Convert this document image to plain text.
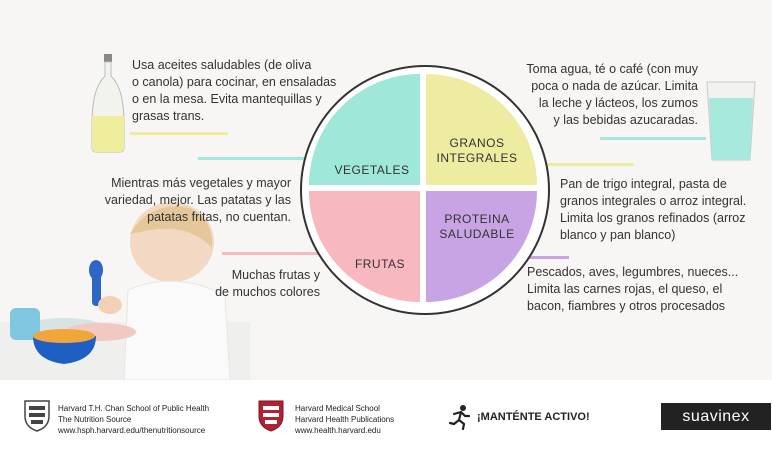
VEGETALES
GRANOS
INTEGRALES
PROTEINA
SALUDABLE
FRUTAS
Usa aceites saludables (de oliva
o canola) para cocinar, en ensaladas
o en la mesa. Evita mantequillas y
grasas trans.
Mientras más vegetales y mayor
variedad, mejor. Las patatas y las
patatas fritas, no cuentan.
Muchas frutas y
de muchos colores
Toma agua, té o café (con muy
poca o nada de azúcar. Limita
la leche y lácteos, los zumos
y las bebidas azucaradas.
Pan de trigo integral, pasta de
granos integrales o arroz integral.
Limita los granos refinados (arroz
blanco y pan blanco)
Pescados, aves, legumbres, nueces...
Limita las carnes rojas, el queso, el
bacon, fiambres y otros procesados
Harvard T.H. Chan School of Public Health
The Nutrition Source
www.hsph.harvard.edu/thenutritionsource
Harvard Medical School
Harvard Health Publications
www.health.harvard.edu
¡MANTÉNTE ACTIVO!	suavinex
